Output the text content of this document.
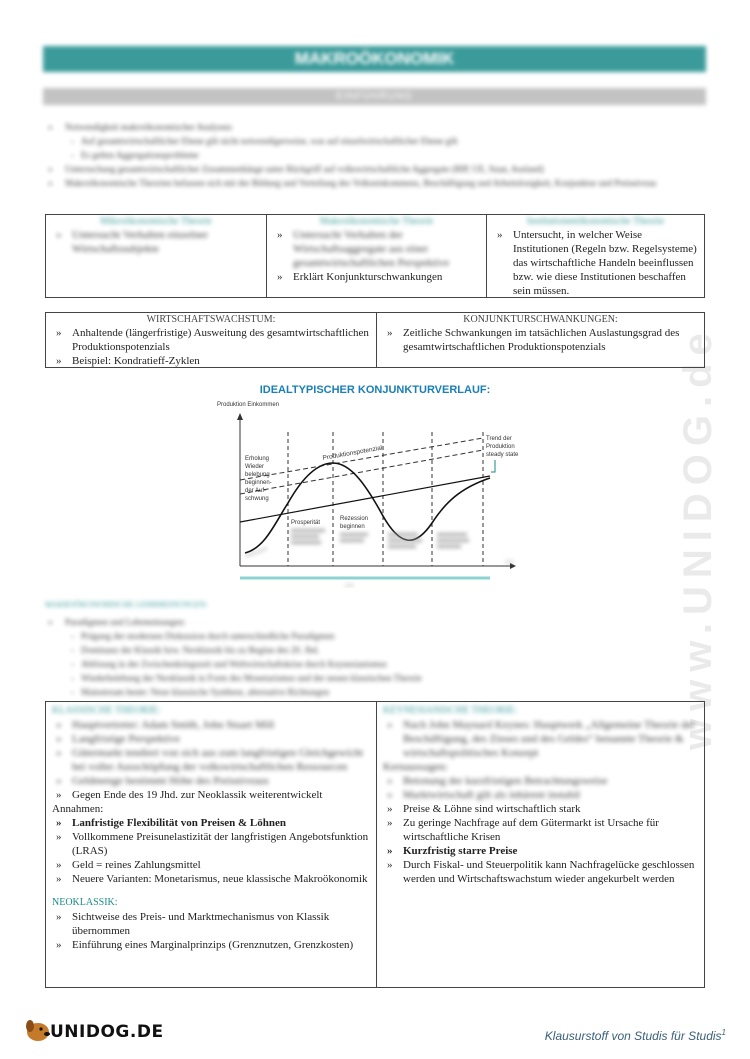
www.UNIDOG.de
MAKROÖKONOMIK
EINFÜHRUNG
» Notwendigkeit makroökonomischer Analysen:
- Auf gesamtwirtschaftlicher Ebene gilt nicht notwendigerweise, was auf einzelwirtschaftlicher Ebene gilt
- Es gelten Aggregationsprobleme
» Untersuchung gesamtwirtschaftlicher Zusammenhänge unter Rückgriff auf volkswirtschaftliche Aggregate (BIP, UE, Staat, Ausland)
» Makroökonomische Theorien befassen sich mit der Bildung und Verteilung des Volkseinkommens, Beschäftigung und Arbeitslosigkeit, Konjunktur und Preisniveau
Mikroökonomische Theorie
» Untersucht Verhalten einzelner Wirtschaftssubjekte
Makroökonomische Theorie
» Untersucht Verhalten der Wirtschaftsaggregate aus einer gesamtwirtschaftlichen Perspektive
» Erklärt Konjunkturschwankungen
Institutionenökonomische Theorie
» Untersucht, in welcher Weise Institutionen (Regeln bzw. Regelsysteme) das wirtschaftliche Handeln beeinflussen bzw. wie diese Institutionen beschaffen sein müssen.
WIRTSCHAFTSWACHSTUM:
» Anhaltende (längerfristige) Ausweitung des gesamtwirtschaftlichen Produktionspotenzials
» Beispiel: Kondratieff-Zyklen
KONJUNKTURSCHWANKUNGEN:
» Zeitliche Schwankungen im tatsächlichen Auslastungsgrad des gesamtwirtschaftlichen Produktionspotenzials
IDEALTYPISCHER KONJUNKTURVERLAUF:
Produktion Einkommen
Zeit
Produktionspotenzial
Zeit
Erholung Wieder belebung beginnen- der Auf- schwung
Prosperität
Rezession beginnen
Trend der Produktion steady state
MAKROÖKONOMISCHE LEHRMEINUNGEN:
» Paradigmen und Lehrmeinungen:
- Prägung der modernen Diskussion durch unterschiedliche Paradigmen
- Dominanz der Klassik bzw. Neoklassik bis zu Beginn des 20. Jhd.
- Ablösung in der Zwischenkriegszeit und Weltwirtschaftskrise durch Keynesianismus
- Wiederbelebung der Neoklassik in Form des Monetarismus und der neuen klassischen Theorie
- Mainstream heute: Neue klassische Synthese, alternative Richtungen
KLASSISCHE THEORIE:
» Hauptvertreter: Adam Smith, John Stuart Mill
» Langfristige Perspektive
» Gütermarkt tendiert von sich aus zum langfristigen Gleichgewicht bei voller Ausschöpfung der volkswirtschaftlichen Ressourcen
» Geldmenge bestimmt Höhe des Preisniveaus
» Gegen Ende des 19 Jhd. zur Neoklassik weiterentwickelt
Annahmen:
» Lanfristige Flexibilität von Preisen & Löhnen
» Vollkommene Preisunelastizität der langfristigen Angebotsfunktion (LRAS)
» Geld = reines Zahlungsmittel
» Neuere Varianten: Monetarismus, neue klassische Makroökonomik
NEOKLASSIK:
» Sichtweise des Preis- und Marktmechanismus von Klassik übernommen
» Einführung eines Marginalprinzips (Grenznutzen, Grenzkosten)
KEYNESIANISCHE THEORIE:
» Nach John Maynard Keynes: Hauptwerk „Allgemeine Theorie der Beschäftigung, des Zinses und des Geldes“ benannte Theorie & wirtschaftspolitisches Konzept
Kernaussagen:
» Betonung der kurzfristigen Betrachtungsweise
» Marktwirtschaft gilt als inhärent instabil
» Preise & Löhne sind wirtschaftlich stark
» Zu geringe Nachfrage auf dem Gütermarkt ist Ursache für wirtschaftliche Krisen
» Kurzfristig starre Preise
» Durch Fiskal- und Steuerpolitik kann Nachfragelücke geschlossen werden und Wirtschaftswachstum wieder angekurbelt werden
UNIDOG.DE	Klausurstoff von Studis für Studis$^1$
